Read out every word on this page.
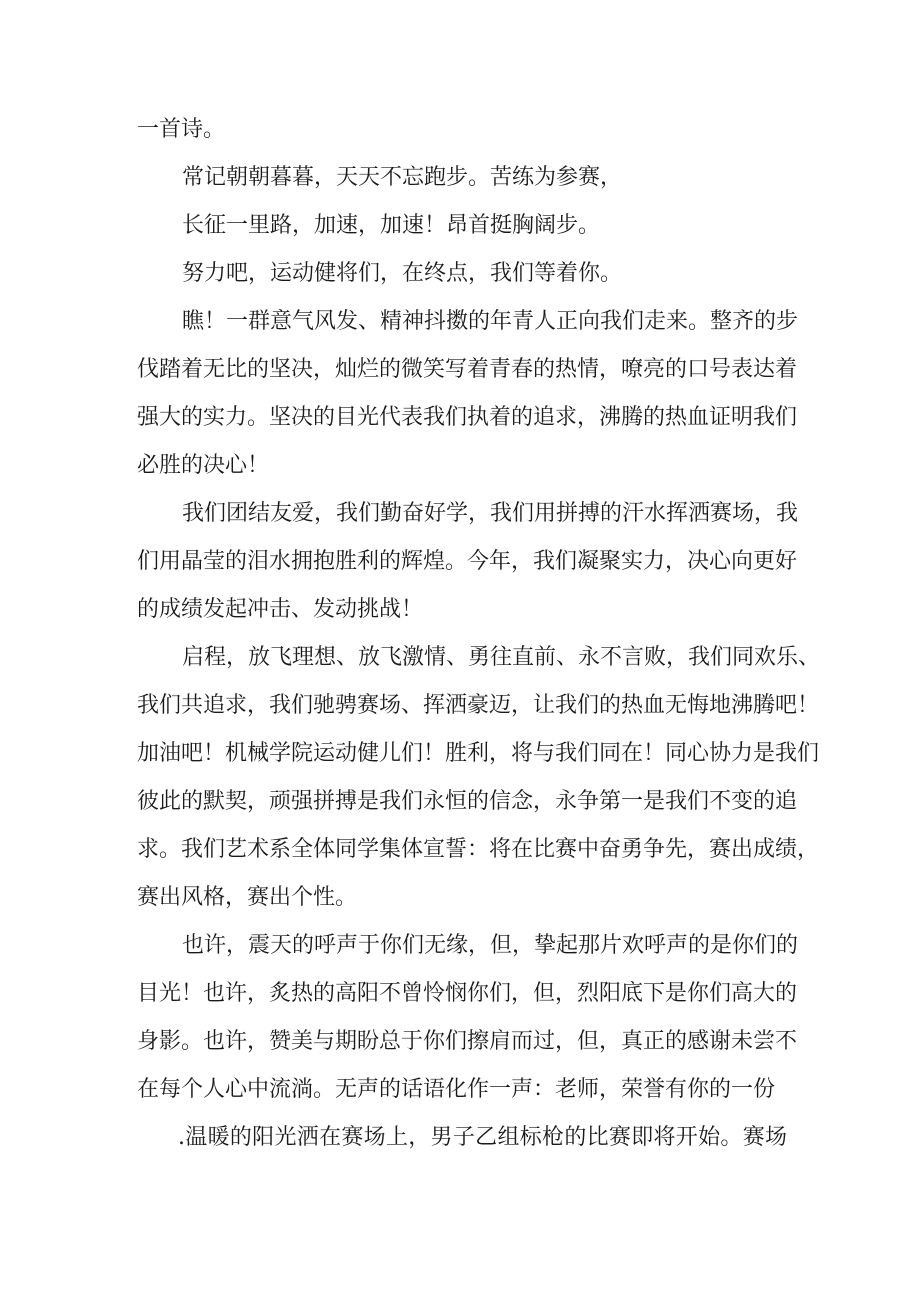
一首诗。
常记朝朝暮暮，天天不忘跑步。苦练为参赛，
长征一里路，加速，加速！昂首挺胸阔步。
努力吧，运动健将们，在终点，我们等着你。
瞧！一群意气风发、精神抖擞的年青人正向我们走来。整齐的步
伐踏着无比的坚决，灿烂的微笑写着青春的热情，嘹亮的口号表达着
强大的实力。坚决的目光代表我们执着的追求，沸腾的热血证明我们
必胜的决心！
我们团结友爱，我们勤奋好学，我们用拼搏的汗水挥洒赛场，我
们用晶莹的泪水拥抱胜利的辉煌。今年，我们凝聚实力，决心向更好
的成绩发起冲击、发动挑战！
启程，放飞理想、放飞激情、勇往直前、永不言败，我们同欢乐、
我们共追求，我们驰骋赛场、挥洒豪迈，让我们的热血无悔地沸腾吧！
加油吧！机械学院运动健儿们！胜利，将与我们同在！同心协力是我们
彼此的默契，顽强拼搏是我们永恒的信念，永争第一是我们不变的追
求。我们艺术系全体同学集体宣誓：将在比赛中奋勇争先，赛出成绩，
赛出风格，赛出个性。
也许，震天的呼声于你们无缘，但，挚起那片欢呼声的是你们的
目光！也许，炙热的高阳不曾怜悯你们，但，烈阳底下是你们高大的
身影。也许，赞美与期盼总于你们擦肩而过，但，真正的感谢未尝不
在每个人心中流淌。无声的话语化作一声：老师，荣誉有你的一份
.温暖的阳光洒在赛场上，男子乙组标枪的比赛即将开始。赛场
